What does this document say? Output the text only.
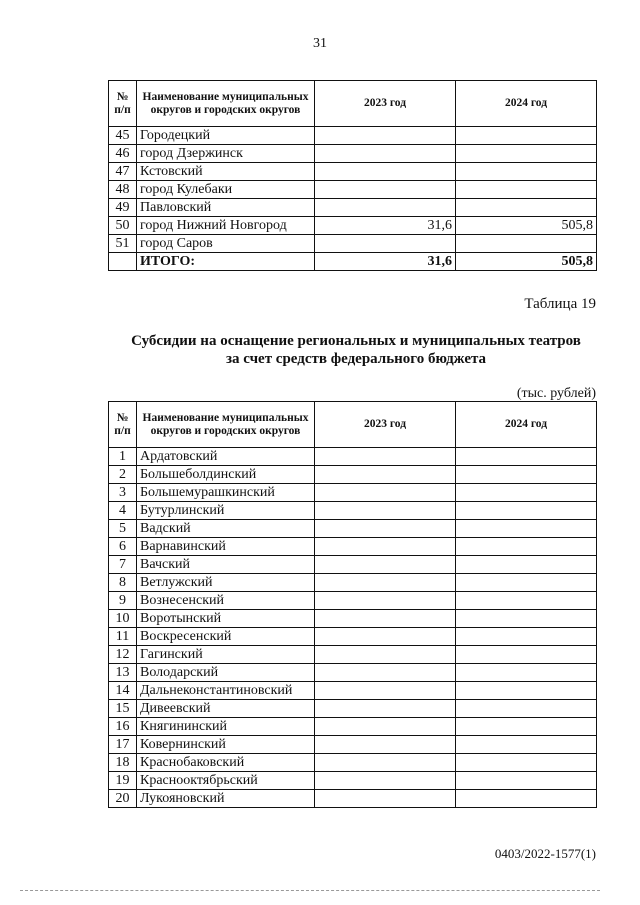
31
№ п/п	Наименование муниципальных округов и городских округов	2023 год	2024 год
45	Городецкий		
46	город Дзержинск		
47	Кстовский		
48	город Кулебаки		
49	Павловский		
50	город Нижний Новгород	31,6	505,8
51	город Саров		
	ИТОГО:	31,6	505,8
Таблица 19
Субсидии на оснащение региональных и муниципальных театров
за счет средств федерального бюджета
(тыс. рублей)
№ п/п	Наименование муниципальных округов и городских округов	2023 год	2024 год
1	Ардатовский		
2	Большеболдинский		
3	Большемурашкинский		
4	Бутурлинский		
5	Вадский		
6	Варнавинский		
7	Вачский		
8	Ветлужский		
9	Вознесенский		
10	Воротынский		
11	Воскресенский		
12	Гагинский		
13	Володарский		
14	Дальнеконстантиновский		
15	Дивеевский		
16	Княгининский		
17	Ковернинский		
18	Краснобаковский		
19	Краснооктябрьский		
20	Лукояновский		
0403/2022-1577(1)
